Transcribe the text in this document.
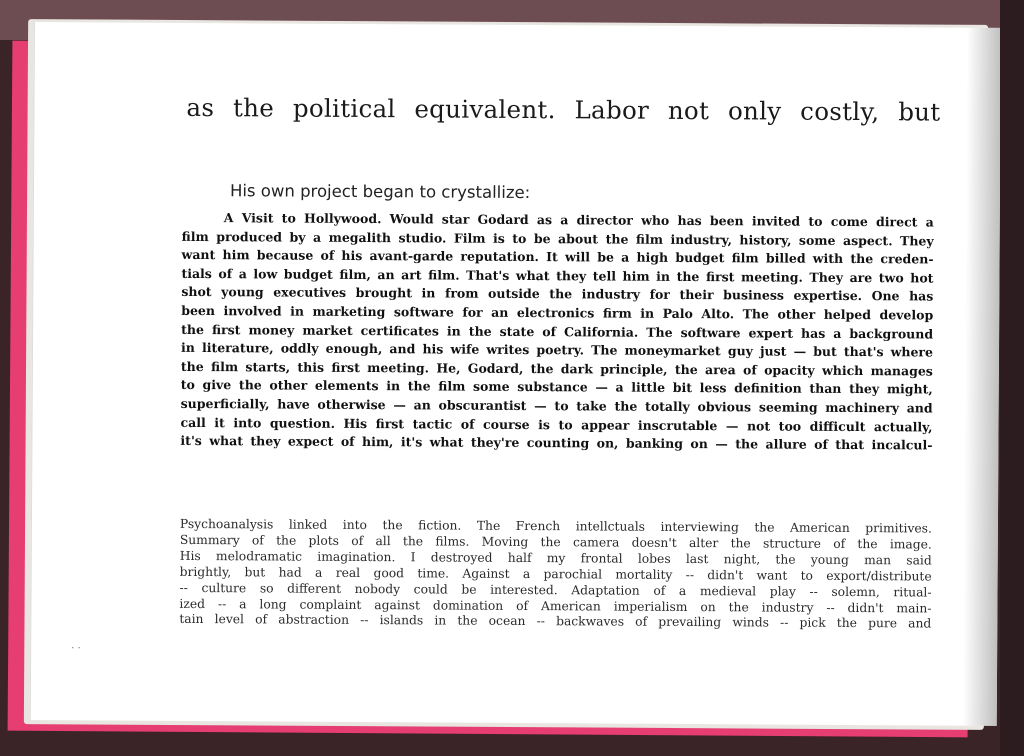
as the political equivalent. Labor not only costly, but
His own project began to crystallize:
A Visit to Hollywood. Would star Godard as a director who has been invited to come direct a
film produced by a megalith studio. Film is to be about the film industry, history, some aspect. They
want him because of his avant-garde reputation. It will be a high budget film billed with the creden-
tials of a low budget film, an art film. That's what they tell him in the first meeting. They are two hot
shot young executives brought in from outside the industry for their business expertise. One has
been involved in marketing software for an electronics firm in Palo Alto. The other helped develop
the first money market certificates in the state of California. The software expert has a background
in literature, oddly enough, and his wife writes poetry. The moneymarket guy just — but that's where
the film starts, this first meeting. He, Godard, the dark principle, the area of opacity which manages
to give the other elements in the film some substance — a little bit less definition than they might,
superficially, have otherwise — an obscurantist — to take the totally obvious seeming machinery and
call it into question. His first tactic of course is to appear inscrutable — not too difficult actually,
it's what they expect of him, it's what they're counting on, banking on — the allure of that incalcul-
Psychoanalysis linked into the fiction. The French intellctuals interviewing the American primitives.
Summary of the plots of all the films. Moving the camera doesn't alter the structure of the image.
His melodramatic imagination. I destroyed half my frontal lobes last night, the young man said
brightly, but had a real good time. Against a parochial mortality -- didn't want to export/distribute
-- culture so different nobody could be interested. Adaptation of a medieval play -- solemn, ritual-
ized -- a long complaint against domination of American imperialism on the industry -- didn't main-
tain level of abstraction -- islands in the ocean -- backwaves of prevailing winds -- pick the pure and
. .
